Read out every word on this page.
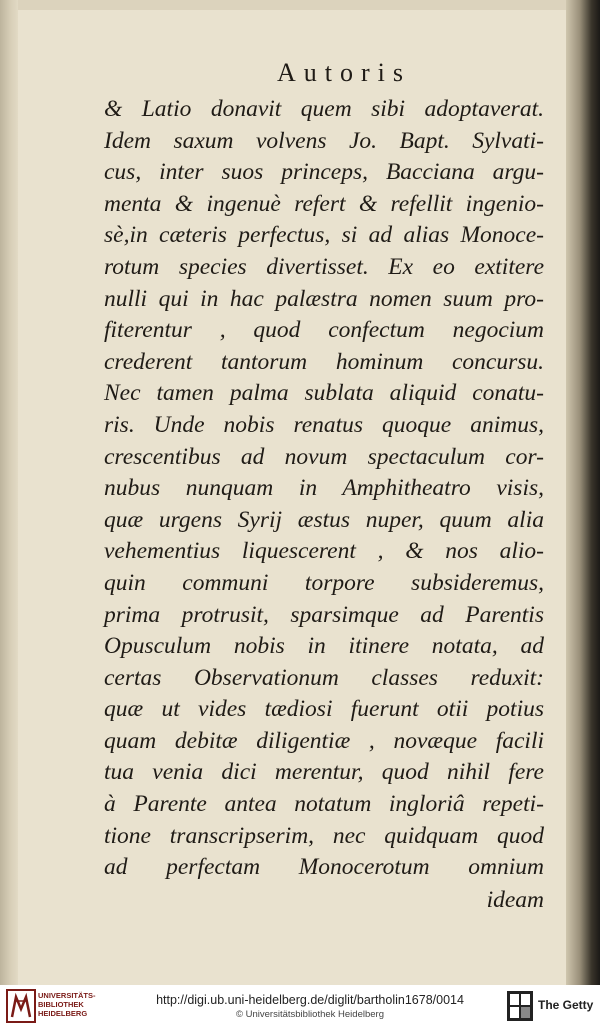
Autoris
& Latio donavit quem sibi adoptaverat.
Idem saxum volvens Jo. Bapt. Sylvati-
cus, inter suos princeps, Bacciana argu-
menta & ingenuè refert & refellit ingenio-
sè,in cæteris perfectus, si ad alias Monoce-
rotum species divertisset. Ex eo extitere
nulli qui in hac palæstra nomen suum pro-
fiterentur , quod confectum negocium
crederent tantorum hominum concursu.
Nec tamen palma sublata aliquid conatu-
ris. Unde nobis renatus quoque animus,
crescentibus ad novum spectaculum cor-
nubus nunquam in Amphitheatro visis,
quæ urgens Syrij æstus nuper, quum alia
vehementius liquescerent , & nos alio-
quin communi torpore subsideremus,
prima protrusit, sparsimque ad Parentis
Opusculum nobis in itinere notata, ad
certas Observationum classes reduxit:
quæ ut vides tædiosi fuerunt otii potius
quam debitæ diligentiæ , novæque facili
tua venia dici merentur, quod nihil fere
à Parente antea notatum ingloriâ repeti-
tione transcripserim, nec quidquam quod
ad perfectam Monocerotum omnium
ideam
UNIVERSITÄTS-
BIBLIOTHEK
HEIDELBERG
http://digi.ub.uni-heidelberg.de/diglit/bartholin1678/0014
© Universitätsbibliothek Heidelberg
The Getty
